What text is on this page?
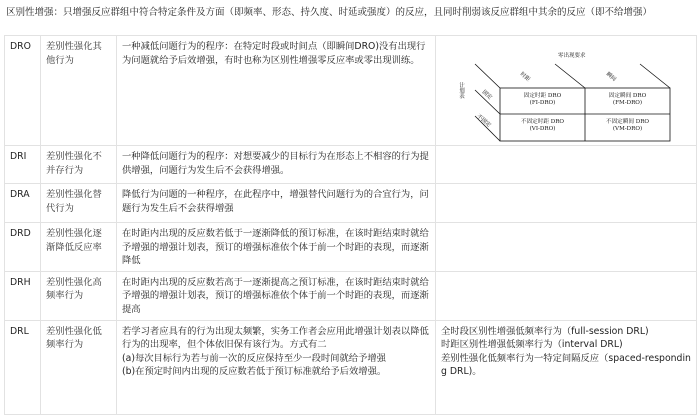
区别性增强：只增强反应群组中符合特定条件及方面（即频率、形态、持久度、时延或强度）的反应，且同时削弱该反应群组中其余的反应（即不给增强）
DRO	差别性强化其他行为	
一种减低问题行为的程序：在特定时段或时间点（即瞬间DRO)没有出现行为问题就给予后效增强，有时也称为区别性增强零反应率或零出现训练。	零出现要求
计划表
时距	瞬间
固定
不固定
固定时距 DRO
(FI-DRO)
固定瞬间 DRO
(FM-DRO)
不固定时距 DRO
(VI-DRO)
不固定瞬间 DRO
(VM-DRO)

DRI	差别性强化不并存行为	一种降低问题行为的程序：对想要减少的目标行为在形态上不相容的行为提供增强，问题行为发生后不会获得增强。	

DRA	差别性强化替代行为	降低行为问题的一种程序，在此程序中，增强替代问题行为的合宜行为，问题行为发生后不会获得增强	

DRD	差别性强化逐渐降低反应率	在时距内出现的反应数若低于一逐渐降低的预订标准，在该时距结束时就给予增强的增强计划表，预订的增强标准依个体于前一个时距的表现，而逐渐降低	

DRH	差别性强化高频率行为	在时距内出现的反应数若高于一逐渐提高之预订标准，在该时距结束时就给予增强的增强计划表，预订的增强标准依个体于前一个时距的表现，而逐渐提高	

DRL	差别性强化低频率行为	若学习者应具有的行为出现太频繁，实务工作者会应用此增强计划表以降低行为的出现率，但个体依旧保有该行为。方式有二
(a)每次目标行为若与前一次的反应保持至少一段时间就给予增强
(b)在预定时间内出现的反应数若低于预订标准就给予后效增强。	全时段区别性增强低频率行为（full-session DRL)
时距区别性增强低频率行为（interval DRL)
差别性强化低频率行为一特定间隔反应（spaced-responding DRL)。
